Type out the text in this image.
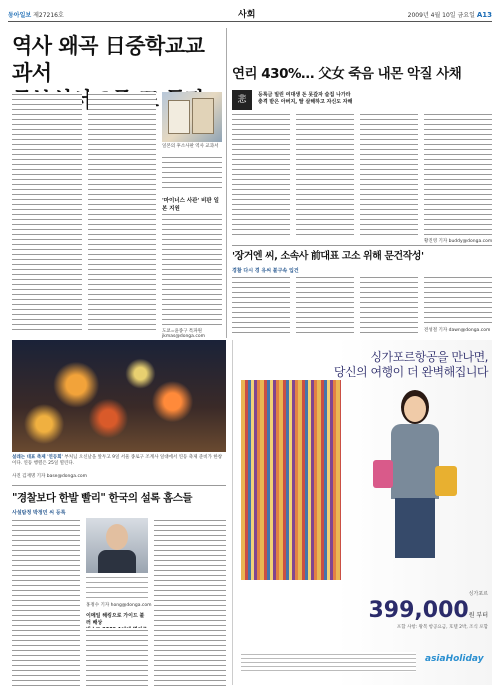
동아일보 제27216호	사회	2009년 4월 10일 금요일 A13
역사 왜곡 日중학교교과서
일본의 후소사판 역사 교과서
'마이너스 사관' 비판 일본 지원
도쿄=윤종구 특파원 jkmas@donga.com
연리 430%… 父女 죽음 내몬 악질 사채
悲	등록금 빌린 여대생 돈 못갚자 술집 나가라
충격 받은 아버지, 딸 살해하고 자신도 자해
황진영 기자 buddy@donga.com
'장거엔 씨, 소속사 前대표 고소 위해 문건작성'
경찰 다시 경 유씨 불구속 입건
전성철 기자 dawn@donga.com
설레는 대표 축제 '연등회' 부처님 오신날을 앞두고 9일 서울 종로구 조계사 일대에서 연등 축제 준비가 한창이다. 연등 행렬은 25일 열린다.
사진 김재명 기자 base@donga.com
싱가포르항공을 만나면,
당신의 여행이 더 완벽해집니다
싱가포르
399,000원 부터
포함 사항: 왕복 항공요금, 호텔 2박, 조식 포함
asiaHoliday
"경찰보다 한발 빨리" 한국의 설록 홈스들
사설탐정 박정민 씨 등록
홍정수 기자 hong@donga.com
이메일 해킹으로 가이드 불러 배상
